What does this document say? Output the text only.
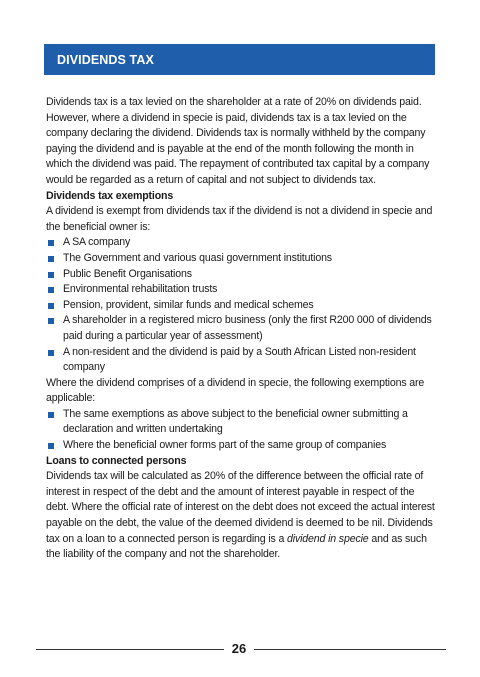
DIVIDENDS TAX

Dividends tax is a tax levied on the shareholder at a rate of 20% on dividends paid. However, where a dividend in specie is paid, dividends tax is a tax levied on the company declaring the dividend. Dividends tax is normally withheld by the company paying the dividend and is payable at the end of the month following the month in which the dividend was paid. The repayment of contributed tax capital by a company would be regarded as a return of capital and not subject to dividends tax.

Dividends tax exemptions

A dividend is exempt from dividends tax if the dividend is not a dividend in specie and the beneficial owner is:

A SA company
The Government and various quasi government institutions
Public Benefit Organisations
Environmental rehabilitation trusts
Pension, provident, similar funds and medical schemes
A shareholder in a registered micro business (only the first R200 000 of dividends paid during a particular year of assessment)
A non-resident and the dividend is paid by a South African Listed non-resident company

Where the dividend comprises of a dividend in specie, the following exemptions are applicable:

The same exemptions as above subject to the beneficial owner submitting a declaration and written undertaking
Where the beneficial owner forms part of the same group of companies

Loans to connected persons

Dividends tax will be calculated as 20% of the difference between the official rate of interest in respect of the debt and the amount of interest payable in respect of the debt. Where the official rate of interest on the debt does not exceed the actual interest payable on the debt, the value of the deemed dividend is deemed to be nil. Dividends tax on a loan to a connected person is regarding is a dividend in specie and as such the liability of the company and not the shareholder.

26
